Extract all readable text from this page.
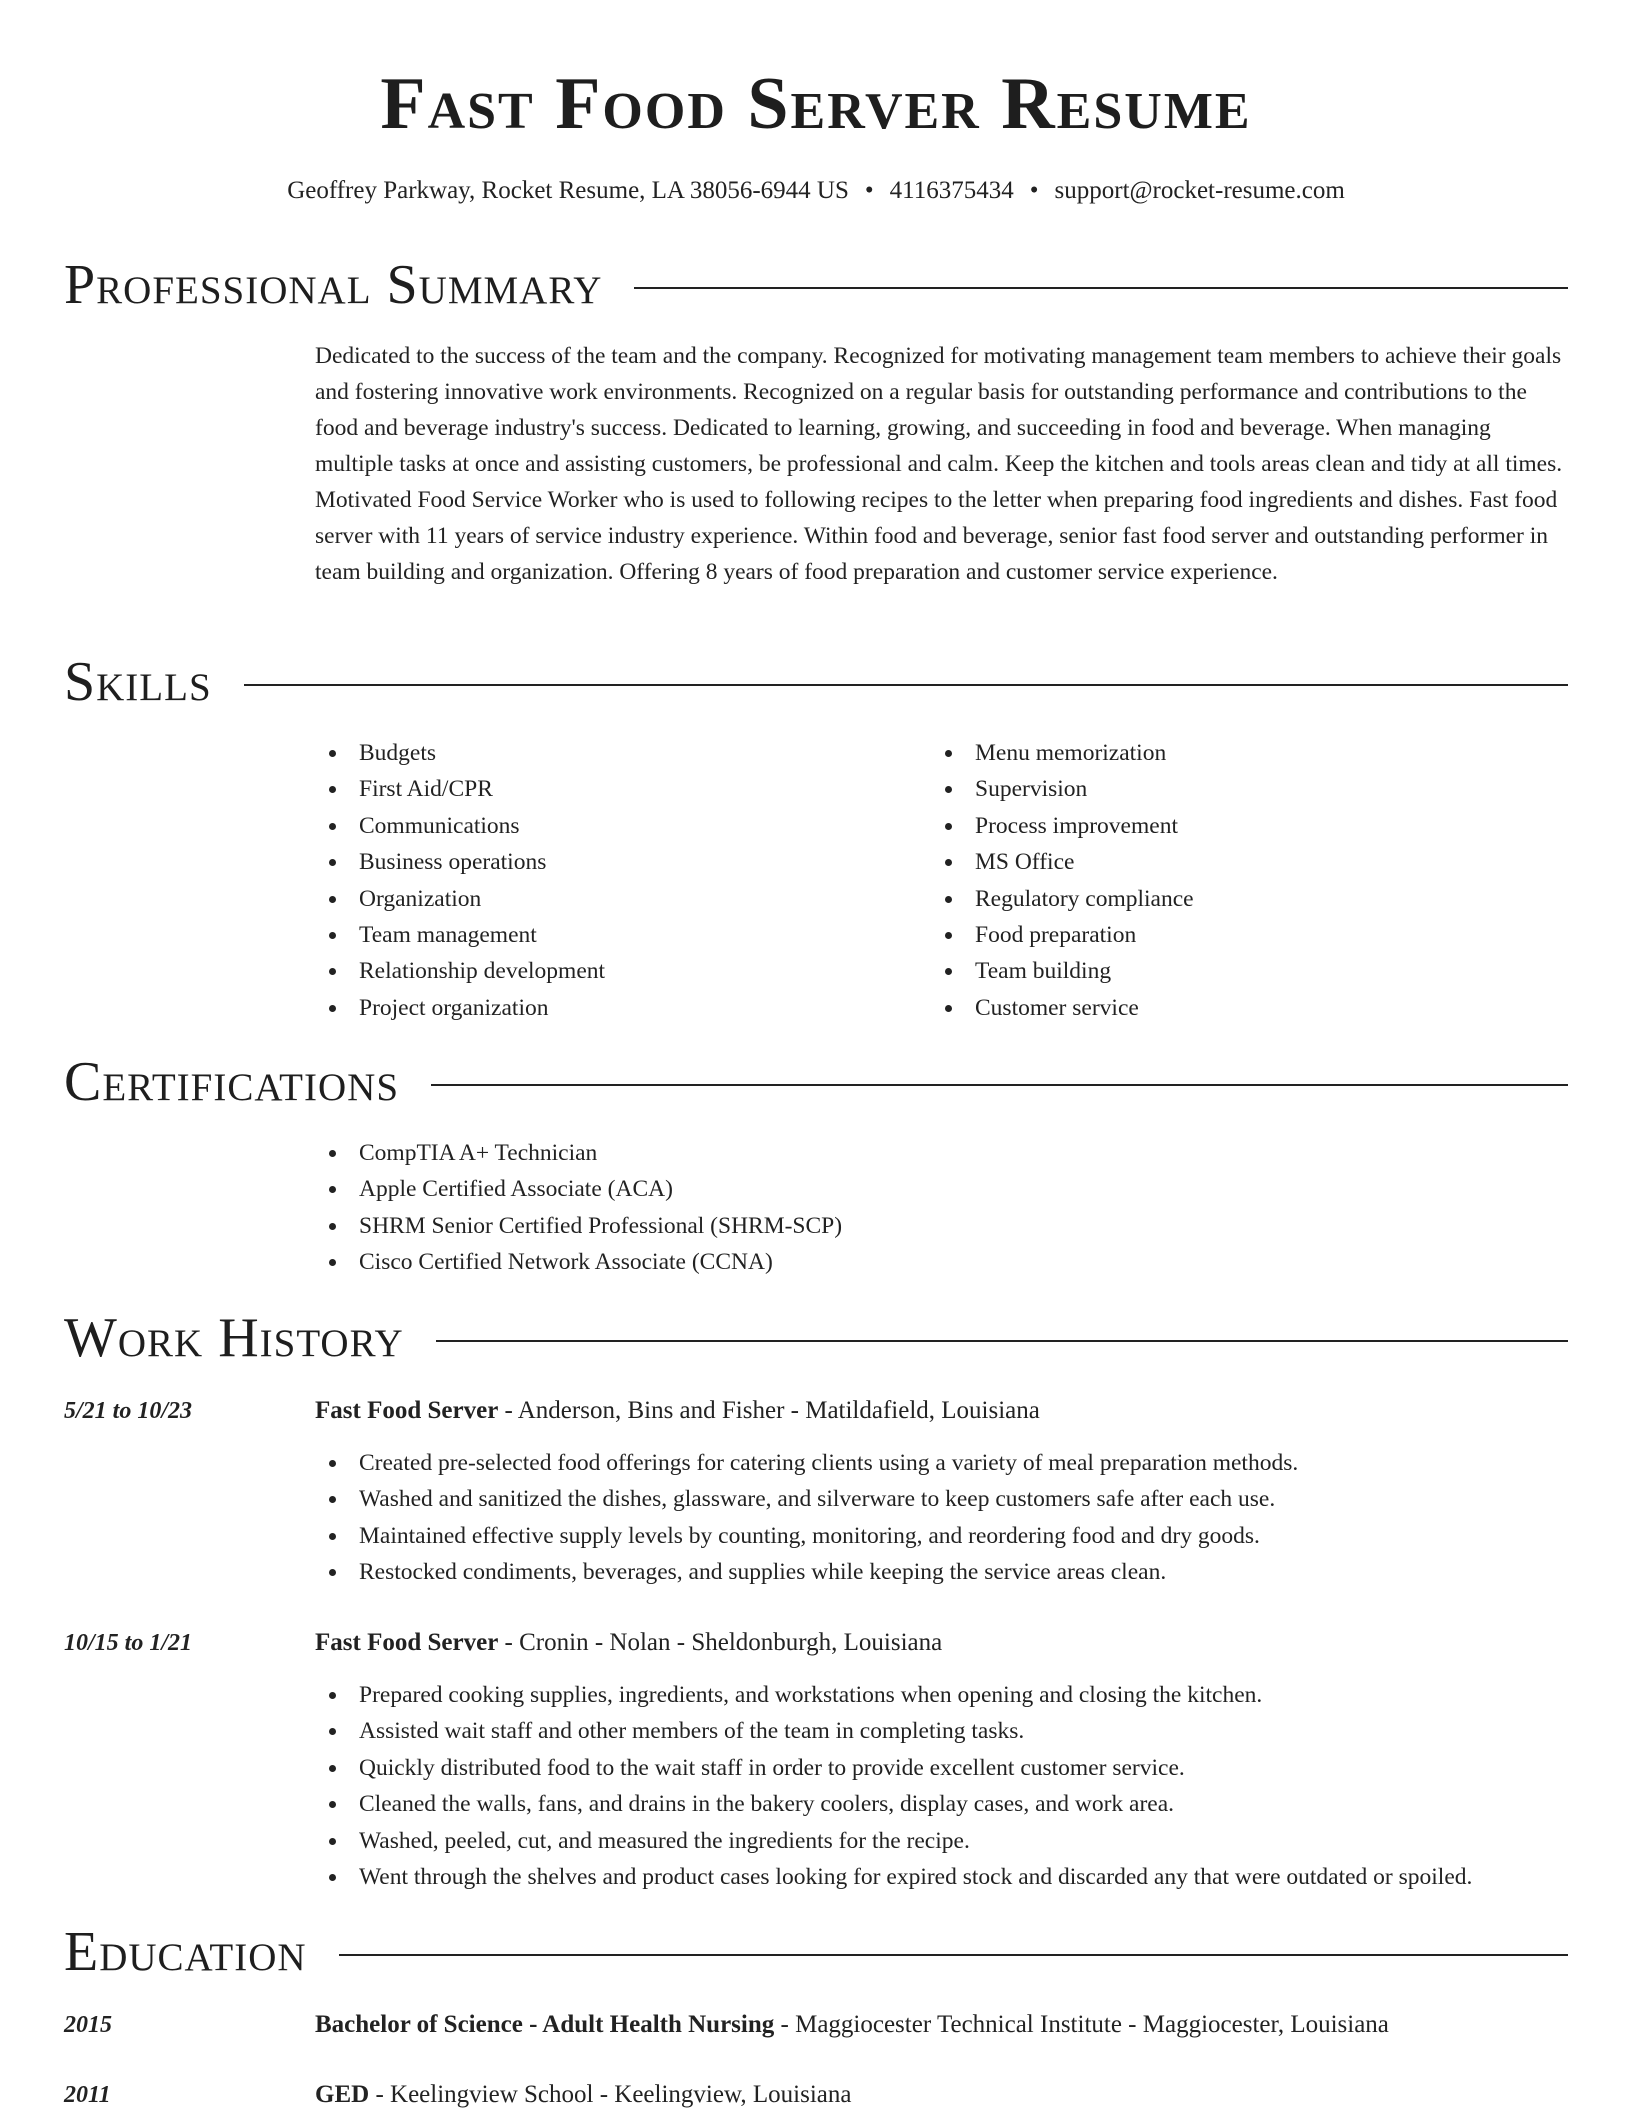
Fast Food Server Resume
Geoffrey Parkway, Rocket Resume, LA 38056-6944 US • 4116375434 • support@rocket-resume.com
Professional Summary

Dedicated to the success of the team and the company. Recognized for motivating management team members to achieve their goals and fostering innovative work environments. Recognized on a regular basis for outstanding performance and contributions to the food and beverage industry's success. Dedicated to learning, growing, and succeeding in food and beverage. When managing multiple tasks at once and assisting customers, be professional and calm. Keep the kitchen and tools areas clean and tidy at all times. Motivated Food Service Worker who is used to following recipes to the letter when preparing food ingredients and dishes. Fast food server with 11 years of service industry experience. Within food and beverage, senior fast food server and outstanding performer in team building and organization. Offering 8 years of food preparation and customer service experience.

Skills
Budgets
First Aid/CPR
Communications
Business operations
Organization
Team management
Relationship development
Project organization
Menu memorization
Supervision
Process improvement
MS Office
Regulatory compliance
Food preparation
Team building
Customer service
Certifications
CompTIA A+ Technician
Apple Certified Associate (ACA)
SHRM Senior Certified Professional (SHRM-SCP)
Cisco Certified Network Associate (CCNA)
Work History
5/21 to 10/23	Fast Food Server - Anderson, Bins and Fisher - Matildafield, Louisiana
Created pre-selected food offerings for catering clients using a variety of meal preparation methods.
Washed and sanitized the dishes, glassware, and silverware to keep customers safe after each use.
Maintained effective supply levels by counting, monitoring, and reordering food and dry goods.
Restocked condiments, beverages, and supplies while keeping the service areas clean.
10/15 to 1/21	Fast Food Server - Cronin - Nolan - Sheldonburgh, Louisiana
Prepared cooking supplies, ingredients, and workstations when opening and closing the kitchen.
Assisted wait staff and other members of the team in completing tasks.
Quickly distributed food to the wait staff in order to provide excellent customer service.
Cleaned the walls, fans, and drains in the bakery coolers, display cases, and work area.
Washed, peeled, cut, and measured the ingredients for the recipe.
Went through the shelves and product cases looking for expired stock and discarded any that were outdated or spoiled.
Education
2015	Bachelor of Science - Adult Health Nursing - Maggiocester Technical Institute - Maggiocester, Louisiana
2011	GED - Keelingview School - Keelingview, Louisiana
